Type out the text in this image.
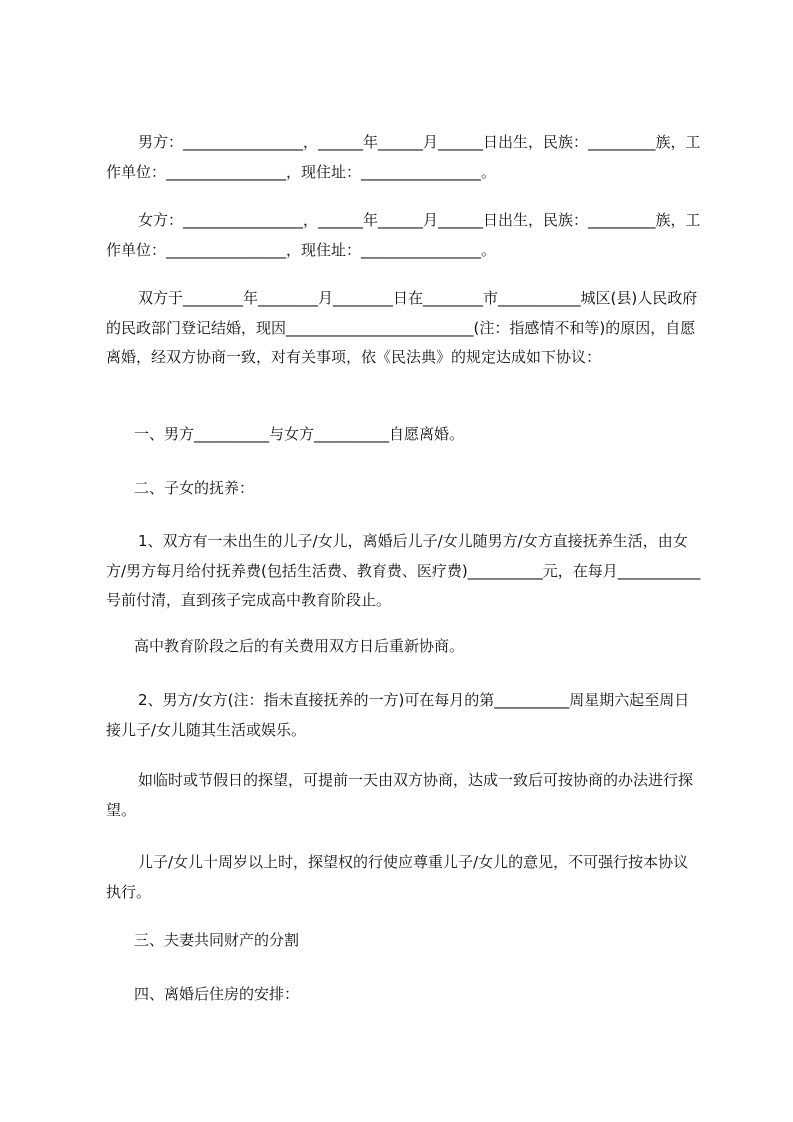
男方：________________，______年______月______日出生，民族：_________族，工作单位：________________，现住址：________________。

女方：________________，______年______月______日出生，民族：_________族，工作单位：________________，现住址：________________。

双方于________年________月________日在________市___________城区(县)人民政府的民政部门登记结婚，现因_________________________(注：指感情不和等)的原因，自愿离婚，经双方协商一致，对有关事项，依《民法典》的规定达成如下协议：

一、男方__________与女方__________自愿离婚。

二、子女的抚养：

1、双方有一未出生的儿子/女儿，离婚后儿子/女儿随男方/女方直接抚养生活，由女方/男方每月给付抚养费(包括生活费、教育费、医疗费)__________元，在每月___________号前付清，直到孩子完成高中教育阶段止。

高中教育阶段之后的有关费用双方日后重新协商。

2、男方/女方(注：指未直接抚养的一方)可在每月的第__________周星期六起至周日接儿子/女儿随其生活或娱乐。

如临时或节假日的探望，可提前一天由双方协商，达成一致后可按协商的办法进行探望。

儿子/女儿十周岁以上时，探望权的行使应尊重儿子/女儿的意见，不可强行按本协议执行。

三、夫妻共同财产的分割

四、离婚后住房的安排：
